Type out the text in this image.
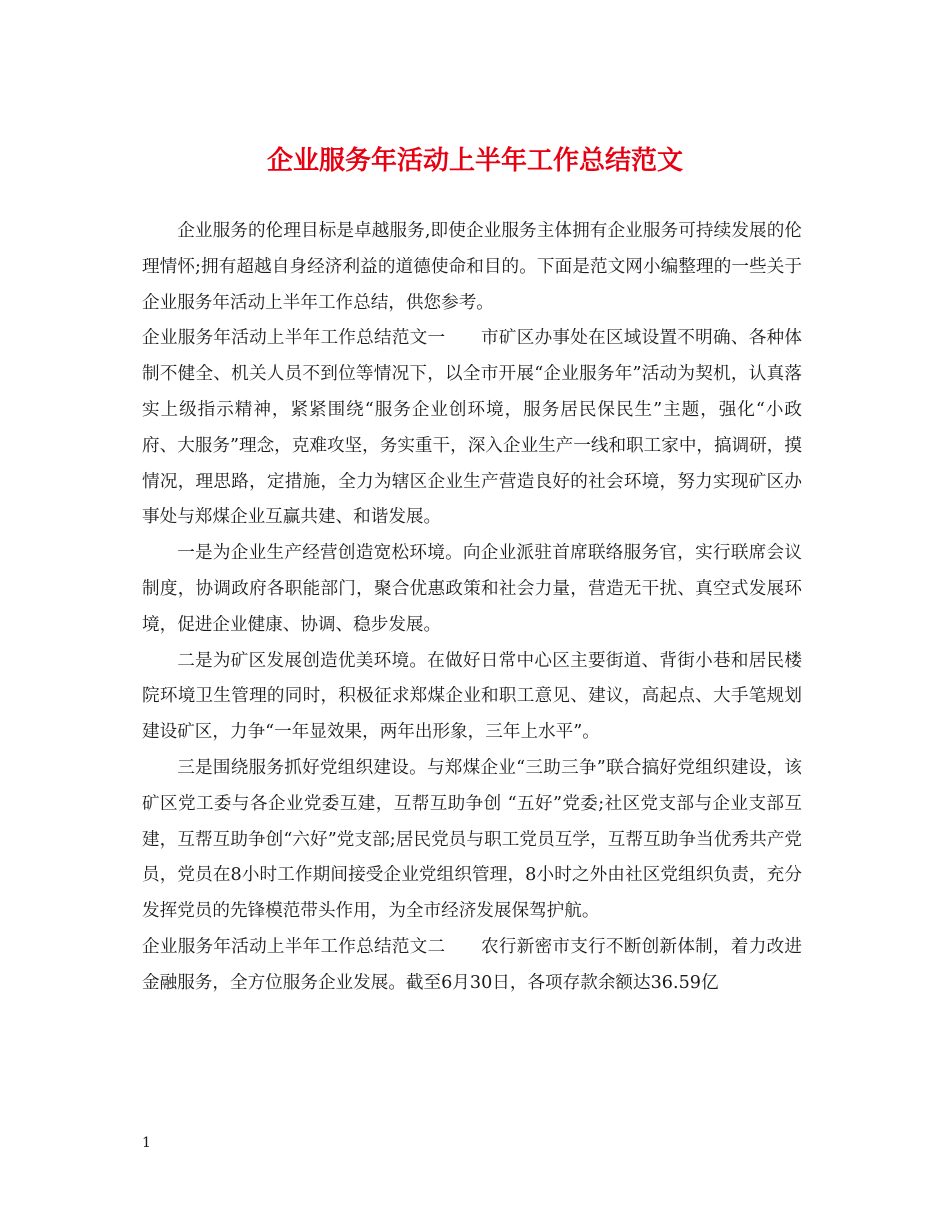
企业服务年活动上半年工作总结范文

企业服务的伦理目标是卓越服务,即使企业服务主体拥有企业服务可持续发展的伦理情怀;拥有超越自身经济利益的道德使命和目的。下面是范文网小编整理的一些关于企业服务年活动上半年工作总结，供您参考。

企业服务年活动上半年工作总结范文一　　市矿区办事处在区域设置不明确、各种体制不健全、机关人员不到位等情况下，以全市开展“企业服务年”活动为契机，认真落实上级指示精神，紧紧围绕“服务企业创环境，服务居民保民生”主题，强化“小政府、大服务”理念，克难攻坚，务实重干，深入企业生产一线和职工家中，搞调研，摸情况，理思路，定措施，全力为辖区企业生产营造良好的社会环境，努力实现矿区办事处与郑煤企业互赢共建、和谐发展。

一是为企业生产经营创造宽松环境。向企业派驻首席联络服务官，实行联席会议制度，协调政府各职能部门，聚合优惠政策和社会力量，营造无干扰、真空式发展环境，促进企业健康、协调、稳步发展。

二是为矿区发展创造优美环境。在做好日常中心区主要街道、背街小巷和居民楼院环境卫生管理的同时，积极征求郑煤企业和职工意见、建议，高起点、大手笔规划建设矿区，力争“一年显效果，两年出形象，三年上水平”。

三是围绕服务抓好党组织建设。与郑煤企业“三助三争”联合搞好党组织建设，该矿区党工委与各企业党委互建，互帮互助争创 “五好”党委;社区党支部与企业支部互建，互帮互助争创“六好”党支部;居民党员与职工党员互学，互帮互助争当优秀共产党员，党员在8小时工作期间接受企业党组织管理，8小时之外由社区党组织负责，充分发挥党员的先锋模范带头作用，为全市经济发展保驾护航。

企业服务年活动上半年工作总结范文二　　农行新密市支行不断创新体制，着力改进金融服务，全方位服务企业发展。截至6月30日，各项存款余额达36.59亿

1
